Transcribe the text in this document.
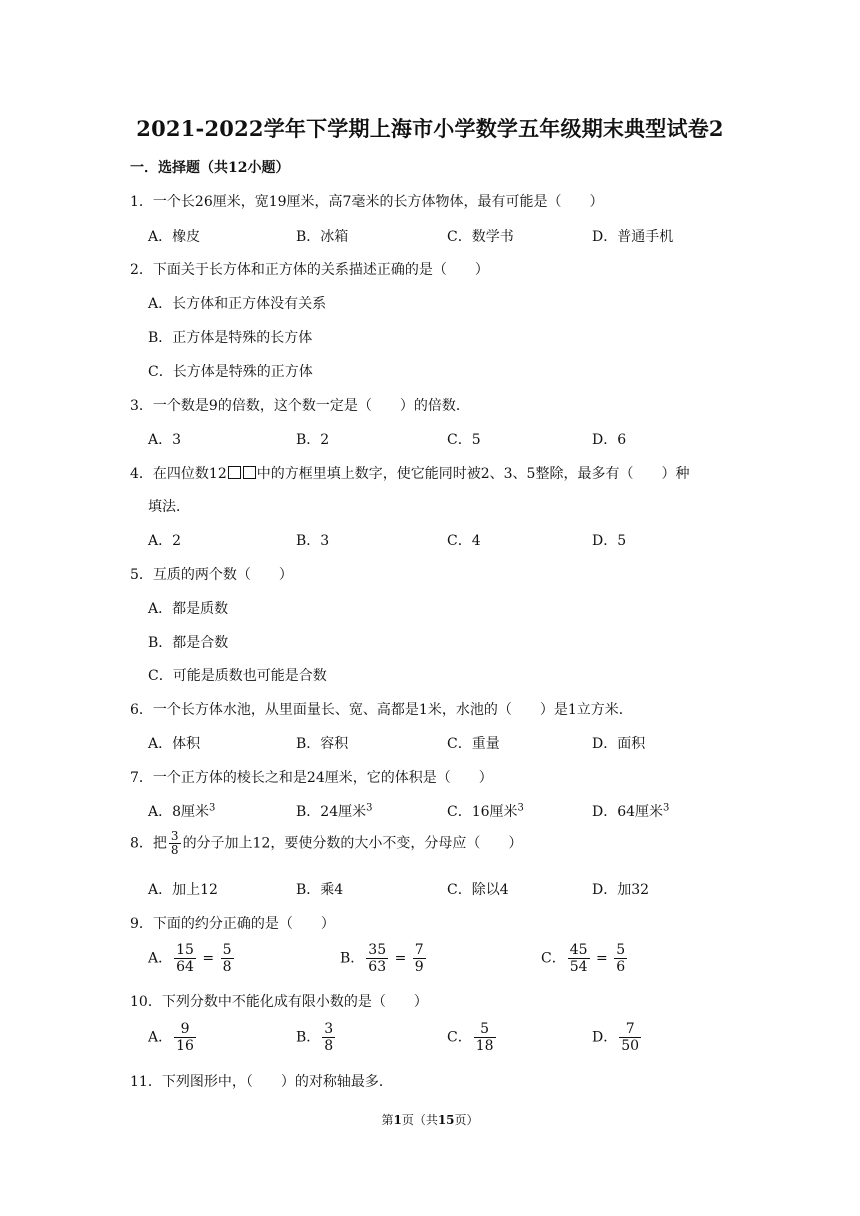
2021-2022学年下学期上海市小学数学五年级期末典型试卷2
一．选择题（共12小题）
1．一个长26厘米，宽19厘米，高7毫米的长方体物体，最有可能是（　　）
A．橡皮	B．冰箱	C．数学书	D．普通手机
2．下面关于长方体和正方体的关系描述正确的是（　　）
A．长方体和正方体没有关系
B．正方体是特殊的长方体
C．长方体是特殊的正方体
3．一个数是9的倍数，这个数一定是（　　）的倍数．
A．3	B．2	C．5	D．6
4．在四位数12 中的方框里填上数字，使它能同时被2、3、5整除，最多有（　　）种
填法．
A．2	B．3	C．4	D．5
5．互质的两个数（　　）
A．都是质数
B．都是合数
C．可能是质数也可能是合数
6．一个长方体水池，从里面量长、宽、高都是1米，水池的（　　）是1立方米．
A．体积	B．容积	C．重量	D．面积
7．一个正方体的棱长之和是24厘米，它的体积是（　　）
A．8厘米$^3$	B．24厘米$^3$	C．16厘米$^3$	D．64厘米$^3$
8．把 $\frac{3}{8}$ 的分子加上12，要使分数的大小不变，分母应（　　）
A．加上12	B．乘4	C．除以4	D．加32
9．下面的约分正确的是（　　）
A． $\frac{15}{64} = \frac{5}{8}$	B． $\frac{35}{63} = \frac{7}{9}$	C． $\frac{45}{54} = \frac{5}{6}$
10．下列分数中不能化成有限小数的是（　　）
A． $\frac{9}{16}$	B． $\frac{3}{8}$	C． $\frac{5}{18}$	D． $\frac{7}{50}$
11．下列图形中，（　　）的对称轴最多．
第1页（共15页）
